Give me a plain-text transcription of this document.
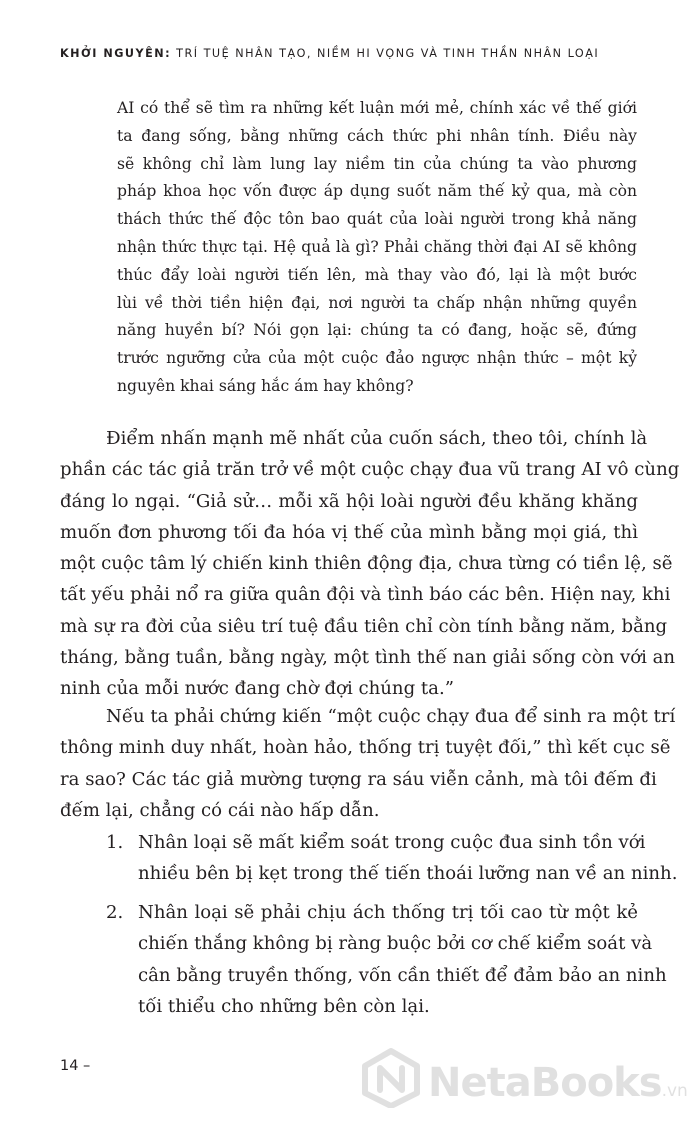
KHỞI NGUYÊN: TRÍ TUỆ NHÂN TẠO, NIỀM HI VỌNG VÀ TINH THẦN NHÂN LOẠI
AI có thể sẽ tìm ra những kết luận mới mẻ, chính xác về thế giới
ta đang sống, bằng những cách thức phi nhân tính. Điều này
sẽ không chỉ làm lung lay niềm tin của chúng ta vào phương
pháp khoa học vốn được áp dụng suốt năm thế kỷ qua, mà còn
thách thức thế độc tôn bao quát của loài người trong khả năng
nhận thức thực tại. Hệ quả là gì? Phải chăng thời đại AI sẽ không
thúc đẩy loài người tiến lên, mà thay vào đó, lại là một bước
lùi về thời tiền hiện đại, nơi người ta chấp nhận những quyền
năng huyền bí? Nói gọn lại: chúng ta có đang, hoặc sẽ, đứng
trước ngưỡng cửa của một cuộc đảo ngược nhận thức – một kỷ
nguyên khai sáng hắc ám hay không?
Điểm nhấn mạnh mẽ nhất của cuốn sách, theo tôi, chính là
phần các tác giả trăn trở về một cuộc chạy đua vũ trang AI vô cùng
đáng lo ngại. “Giả sử… mỗi xã hội loài người đều khăng khăng
muốn đơn phương tối đa hóa vị thế của mình bằng mọi giá, thì
một cuộc tâm lý chiến kinh thiên động địa, chưa từng có tiền lệ, sẽ
tất yếu phải nổ ra giữa quân đội và tình báo các bên. Hiện nay, khi
mà sự ra đời của siêu trí tuệ đầu tiên chỉ còn tính bằng năm, bằng
tháng, bằng tuần, bằng ngày, một tình thế nan giải sống còn với an
ninh của mỗi nước đang chờ đợi chúng ta.”
Nếu ta phải chứng kiến “một cuộc chạy đua để sinh ra một trí
thông minh duy nhất, hoàn hảo, thống trị tuyệt đối,” thì kết cục sẽ
ra sao? Các tác giả mường tượng ra sáu viễn cảnh, mà tôi đếm đi
đếm lại, chẳng có cái nào hấp dẫn.
1. Nhân loại sẽ mất kiểm soát trong cuộc đua sinh tồn với
nhiều bên bị kẹt trong thế tiến thoái lưỡng nan về an ninh.
2. Nhân loại sẽ phải chịu ách thống trị tối cao từ một kẻ
chiến thắng không bị ràng buộc bởi cơ chế kiểm soát và
cân bằng truyền thống, vốn cần thiết để đảm bảo an ninh
tối thiểu cho những bên còn lại.
14 –	NetaBooks.vn
